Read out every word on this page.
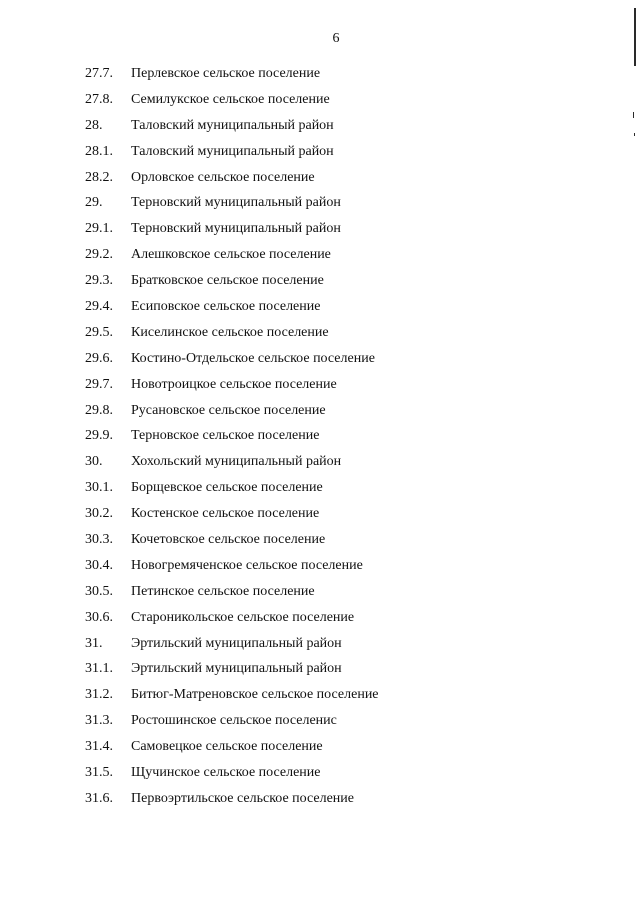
6
27.7.	Перлевское сельское поселение
27.8.	Семилукское сельское поселение
28.	Таловский муниципальный район
28.1.	Таловский муниципальный район
28.2.	Орловское сельское поселение
29.	Терновский муниципальный район
29.1.	Терновский муниципальный район
29.2.	Алешковское сельское поселение
29.3.	Братковское сельское поселение
29.4.	Есиповское сельское поселение
29.5.	Киселинское сельское поселение
29.6.	Костино-Отдельское сельское поселение
29.7.	Новотроицкое сельское поселение
29.8.	Русановское сельское поселение
29.9.	Терновское сельское поселение
30.	Хохольский муниципальный район
30.1.	Борщевское сельское поселение
30.2.	Костенское сельское поселение
30.3.	Кочетовское сельское поселение
30.4.	Новогремяченское сельское поселение
30.5.	Петинское сельское поселение
30.6.	Староникольское сельское поселение
31.	Эртильский муниципальный район
31.1.	Эртильский муниципальный район
31.2.	Битюг-Матреновское сельское поселение
31.3.	Ростошинское сельское поселенис
31.4.	Самовецкое сельское поселение
31.5.	Щучинское сельское поселение
31.6.	Первоэртильское сельское поселение
